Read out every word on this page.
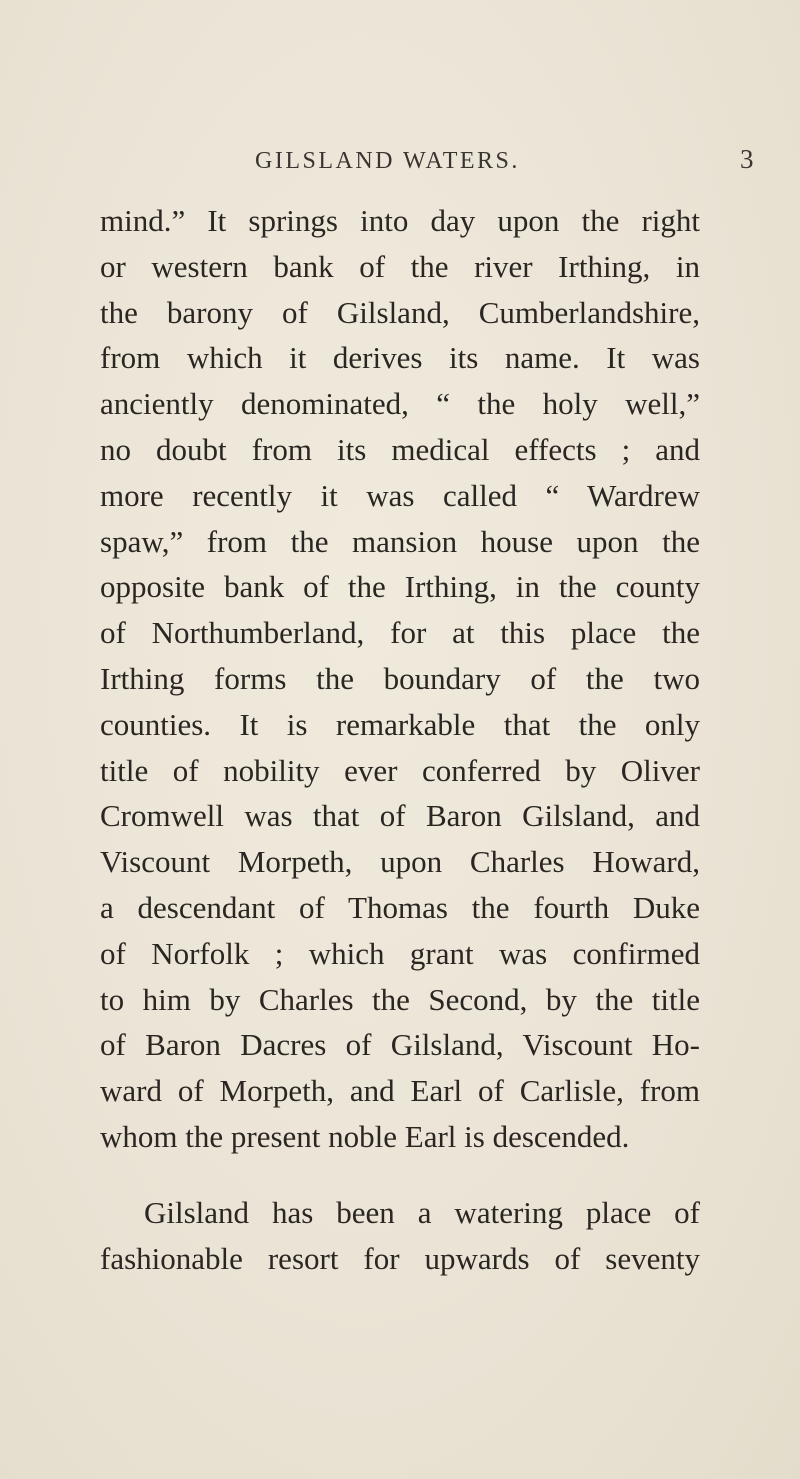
GILSLAND WATERS.	3
mind.” It springs into day upon the right
or western bank of the river Irthing, in
the barony of Gilsland, Cumberlandshire,
from which it derives its name. It was
anciently denominated, “ the holy well,”
no doubt from its medical effects ; and
more recently it was called “ Wardrew
spaw,” from the mansion house upon the
opposite bank of the Irthing, in the county
of Northumberland, for at this place the
Irthing forms the boundary of the two
counties. It is remarkable that the only
title of nobility ever conferred by Oliver
Cromwell was that of Baron Gilsland, and
Viscount Morpeth, upon Charles Howard,
a descendant of Thomas the fourth Duke
of Norfolk ; which grant was confirmed
to him by Charles the Second, by the title
of Baron Dacres of Gilsland, Viscount Ho-
ward of Morpeth, and Earl of Carlisle, from
whom the present noble Earl is descended.
Gilsland has been a watering place of
fashionable resort for upwards of seventy
